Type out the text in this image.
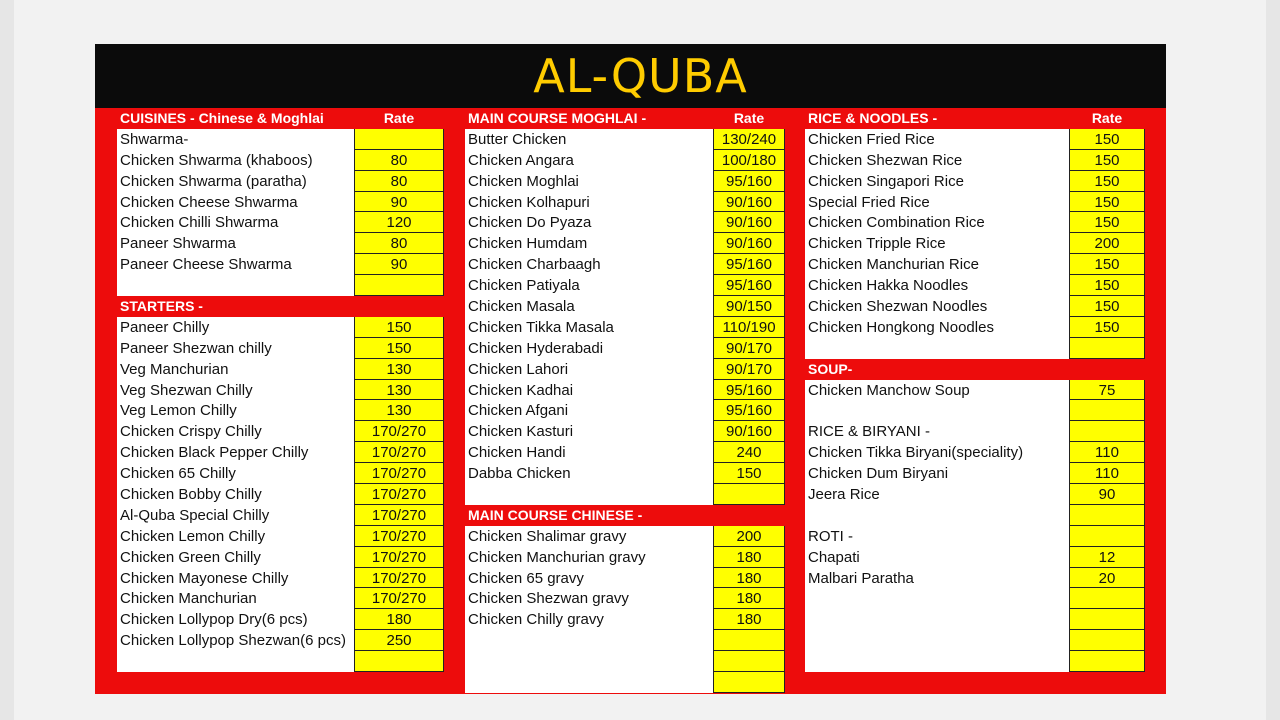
AL-QUBA
CUISINES - Chinese & Moghlai	Rate
Shwarma-
Chicken Shwarma (khaboos)	80
Chicken Shwarma (paratha)	80
Chicken Cheese Shwarma	90
Chicken Chilli Shwarma	120
Paneer Shwarma	80
Paneer Cheese Shwarma	90
STARTERS -
Paneer Chilly	150
Paneer Shezwan chilly	150
Veg Manchurian	130
Veg Shezwan Chilly	130
Veg Lemon Chilly	130
Chicken Crispy Chilly	170/270
Chicken Black Pepper Chilly	170/270
Chicken 65 Chilly	170/270
Chicken Bobby Chilly	170/270
Al-Quba Special Chilly	170/270
Chicken Lemon Chilly	170/270
Chicken Green Chilly	170/270
Chicken Mayonese Chilly	170/270
Chicken Manchurian	170/270
Chicken Lollypop Dry(6 pcs)	180
Chicken Lollypop Shezwan(6 pcs)	250
MAIN COURSE MOGHLAI -	Rate
Butter Chicken	130/240
Chicken Angara	100/180
Chicken Moghlai	95/160
Chicken Kolhapuri	90/160
Chicken Do Pyaza	90/160
Chicken Humdam	90/160
Chicken Charbaagh	95/160
Chicken Patiyala	95/160
Chicken Masala	90/150
Chicken Tikka Masala	110/190
Chicken Hyderabadi	90/170
Chicken Lahori	90/170
Chicken Kadhai	95/160
Chicken Afgani	95/160
Chicken Kasturi	90/160
Chicken Handi	240
Dabba Chicken	150
MAIN COURSE CHINESE -
Chicken Shalimar gravy	200
Chicken Manchurian gravy	180
Chicken 65 gravy	180
Chicken Shezwan gravy	180
Chicken Chilly gravy	180
RICE & NOODLES -	Rate
Chicken Fried Rice	150
Chicken Shezwan Rice	150
Chicken Singapori Rice	150
Special Fried Rice	150
Chicken Combination Rice	150
Chicken Tripple Rice	200
Chicken Manchurian Rice	150
Chicken Hakka Noodles	150
Chicken Shezwan Noodles	150
Chicken Hongkong Noodles	150
SOUP-
Chicken Manchow Soup	75
RICE & BIRYANI -
Chicken Tikka Biryani(speciality)	110
Chicken Dum Biryani	110
Jeera Rice	90
ROTI -
Chapati	12
Malbari Paratha	20
